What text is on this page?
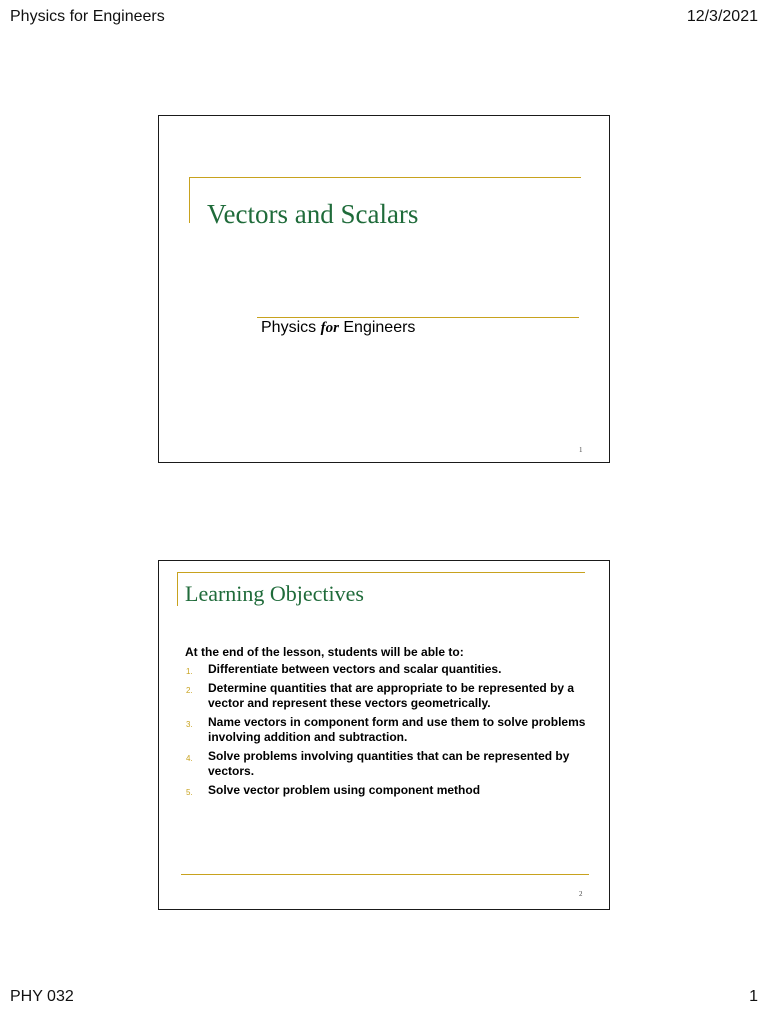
Physics for Engineers	12/3/2021
Vectors and Scalars
Physics for Engineers
1
Learning Objectives
At the end of the lesson, students will be able to:
1. Differentiate between vectors and scalar quantities.
2. Determine quantities that are appropriate to be represented by a vector and represent these vectors geometrically.
3. Name vectors in component form and use them to solve problems involving addition and subtraction.
4. Solve problems involving quantities that can be represented by vectors.
5. Solve vector problem using component method
2
PHY 032	1
